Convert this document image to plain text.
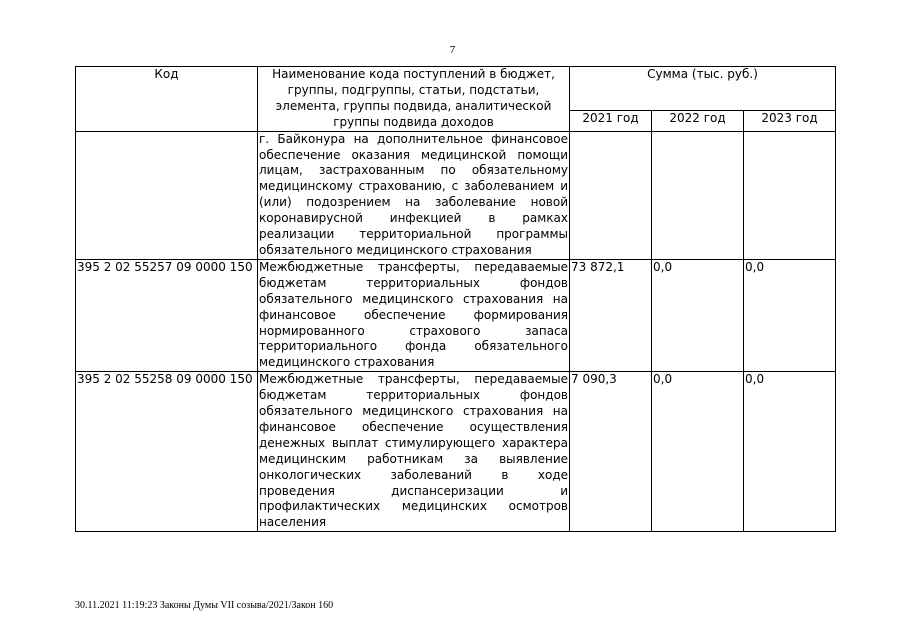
7
Код	Наименование кода поступлений в бюджет, группы, подгруппы, статьи, подстатьи, элемента, группы подвида, аналитической группы подвида доходов	Сумма (тыс. руб.)		
		2021 год	2022 год	2023 год
	г. Байконура на дополнительное финансовое обеспечение оказания медицинской помощи лицам, застрахованным по обязательному медицинскому страхованию, с заболеванием и (или) подозрением на заболевание новой коронавирусной инфекцией в рамках реализации территориальной программы обязательного медицинского страхования			
395 2 02 55257 09 0000 150	Межбюджетные трансферты, передаваемые бюджетам территориальных фондов обязательного медицинского страхования на финансовое обеспечение формирования нормированного страхового запаса территориального фонда обязательного медицинского страхования	73 872,1	0,0	0,0
395 2 02 55258 09 0000 150	Межбюджетные трансферты, передаваемые бюджетам территориальных фондов обязательного медицинского страхования на финансовое обеспечение осуществления денежных выплат стимулирующего характера медицинским работникам за выявление онкологических заболеваний в ходе проведения диспансеризации и профилактических медицинских осмотров населения	7 090,3	0,0	0,0
30.11.2021 11:19:23 Законы Думы VII созыва/2021/Закон 160
